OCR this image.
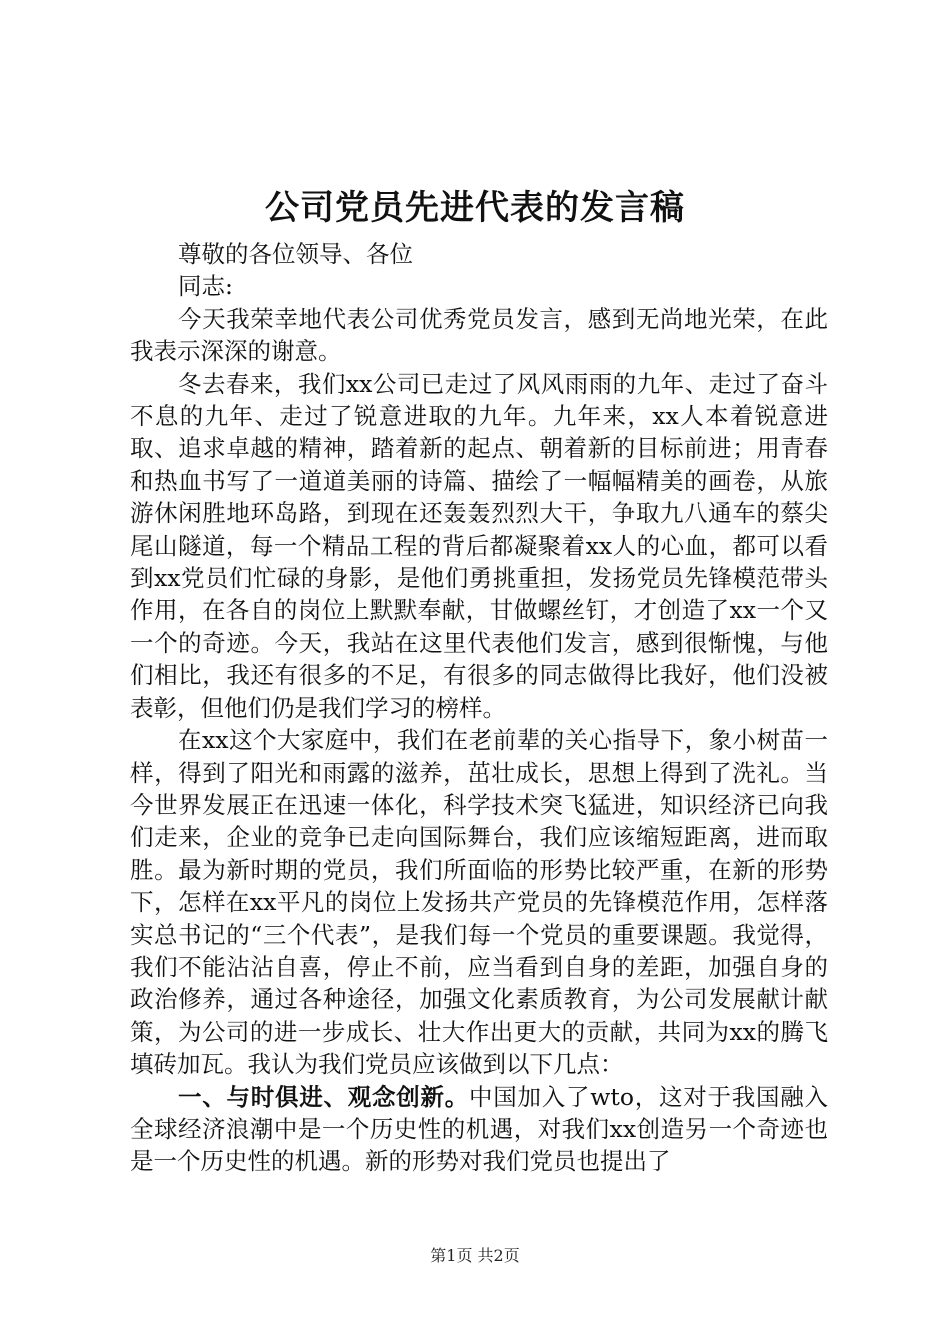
公司党员先进代表的发言稿

尊敬的各位领导、各位
同志:

今天我荣幸地代表公司优秀党员发言，感到无尚地光荣，在此我表示深深的谢意。

冬去春来，我们xx公司已走过了风风雨雨的九年、走过了奋斗不息的九年、走过了锐意进取的九年。九年来，xx人本着锐意进取、追求卓越的精神，踏着新的起点、朝着新的目标前进；用青春和热血书写了一道道美丽的诗篇、描绘了一幅幅精美的画卷，从旅游休闲胜地环岛路，到现在还轰轰烈烈大干，争取九八通车的蔡尖尾山隧道，每一个精品工程的背后都凝聚着xx人的心血，都可以看到xx党员们忙碌的身影，是他们勇挑重担，发扬党员先锋模范带头作用，在各自的岗位上默默奉献，甘做螺丝钉，才创造了xx一个又一个的奇迹。今天，我站在这里代表他们发言，感到很惭愧，与他们相比，我还有很多的不足，有很多的同志做得比我好，他们没被表彰，但他们仍是我们学习的榜样。

在xx这个大家庭中，我们在老前辈的关心指导下，象小树苗一样，得到了阳光和雨露的滋养，茁壮成长，思想上得到了洗礼。当今世界发展正在迅速一体化，科学技术突飞猛进，知识经济已向我们走来，企业的竞争已走向国际舞台，我们应该缩短距离，进而取胜。最为新时期的党员，我们所面临的形势比较严重，在新的形势下，怎样在xx平凡的岗位上发扬共产党员的先锋模范作用，怎样落实总书记的“三个代表”，是我们每一个党员的重要课题。我觉得，我们不能沾沾自喜，停止不前，应当看到自身的差距，加强自身的政治修养，通过各种途径，加强文化素质教育，为公司发展献计献策，为公司的进一步成长、壮大作出更大的贡献，共同为xx的腾飞填砖加瓦。我认为我们党员应该做到以下几点：

一、与时俱进、观念创新。中国加入了wto，这对于我国融入全球经济浪潮中是一个历史性的机遇，对我们xx创造另一个奇迹也是一个历史性的机遇。新的形势对我们党员也提出了

第1页 共2页
